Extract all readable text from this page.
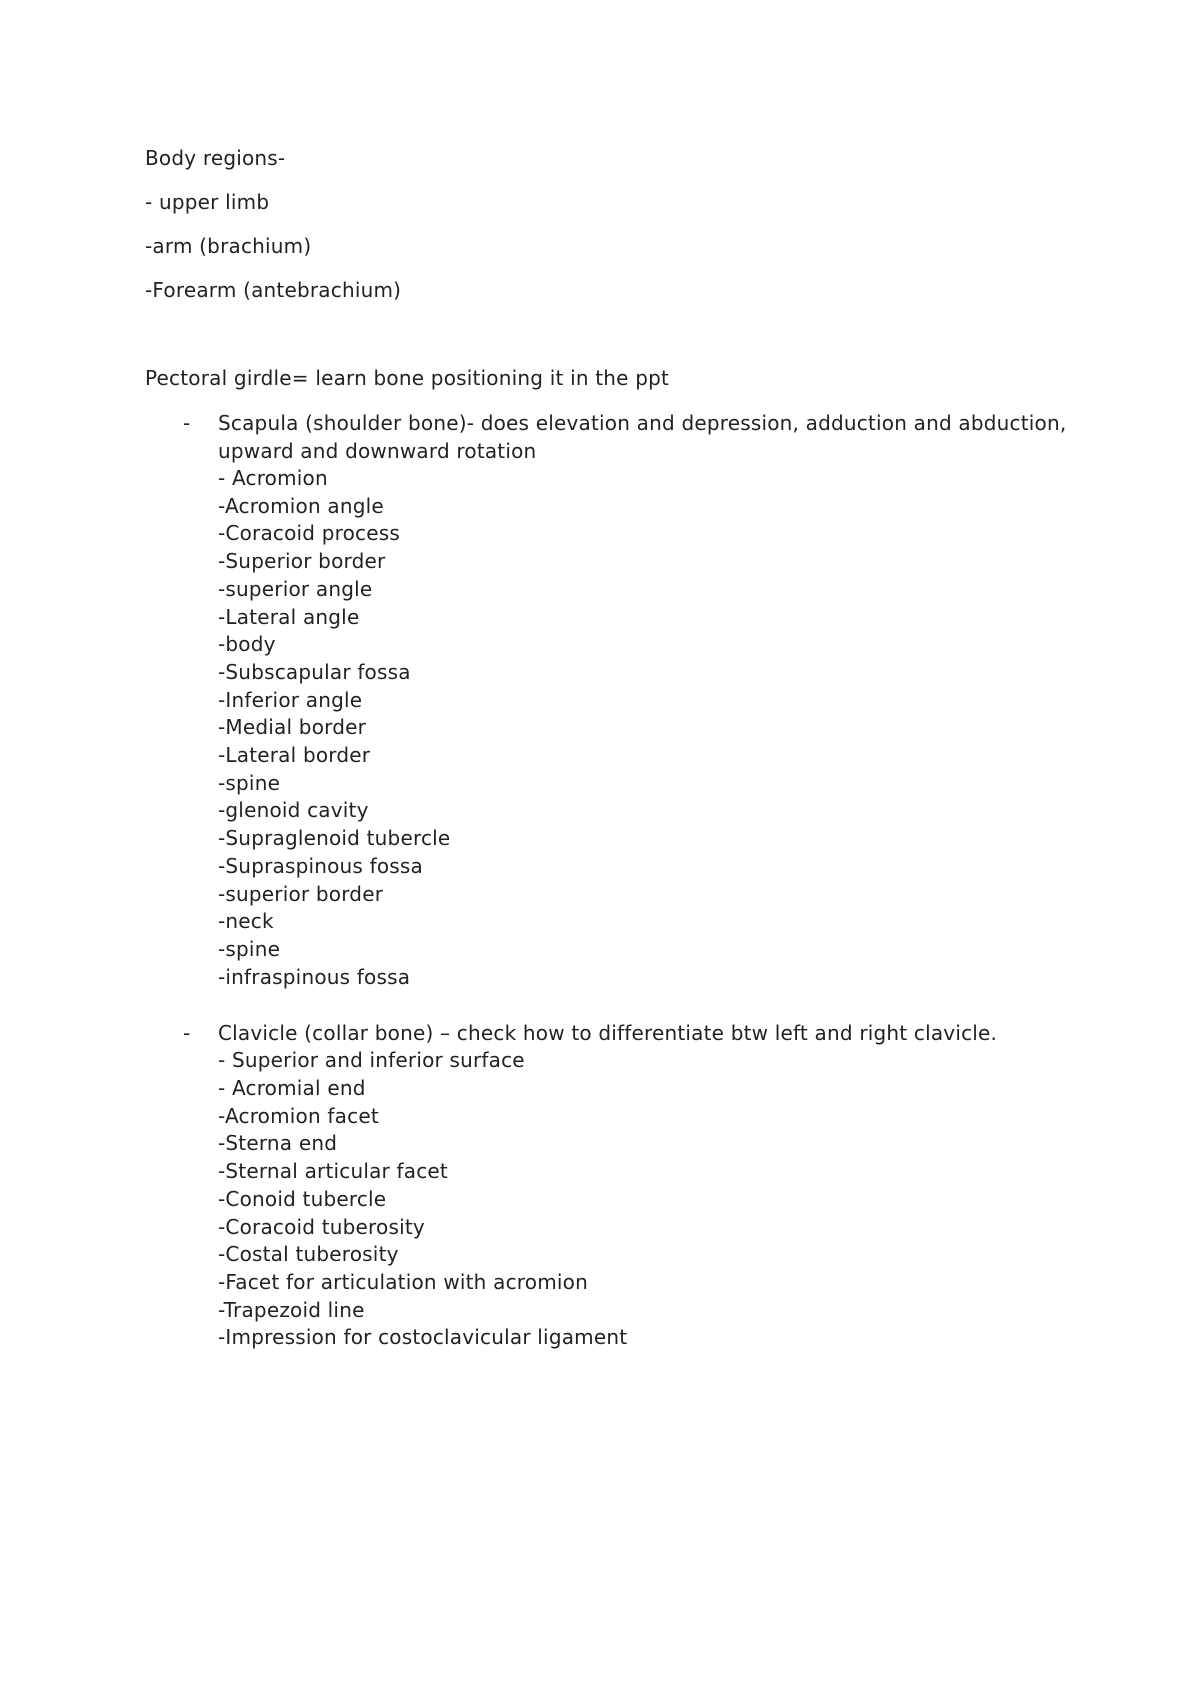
Body regions-

- upper limb

-arm (brachium)

-Forearm (antebrachium)

Pectoral girdle= learn bone positioning it in the ppt

- Scapula (shoulder bone)- does elevation and depression, adduction and abduction, upward and downward rotation

- Acromion

-Acromion angle

-Coracoid process

-Superior border

-superior angle

-Lateral angle

-body

-Subscapular fossa

-Inferior angle

-Medial border

-Lateral border

-spine

-glenoid cavity

-Supraglenoid tubercle

-Supraspinous fossa

-superior border

-neck

-spine

-infraspinous fossa

- Clavicle (collar bone) – check how to differentiate btw left and right clavicle.

- Superior and inferior surface

- Acromial end

-Acromion facet

-Sterna end

-Sternal articular facet

-Conoid tubercle

-Coracoid tuberosity

-Costal tuberosity

-Facet for articulation with acromion

-Trapezoid line

-Impression for costoclavicular ligament
